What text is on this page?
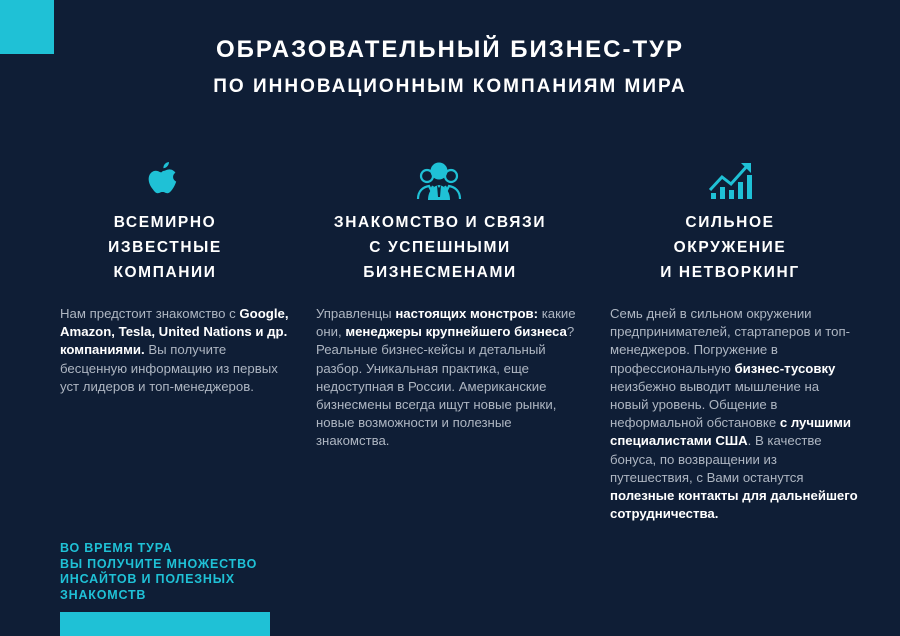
ОБРАЗОВАТЕЛЬНЫЙ БИЗНЕС-ТУР
ПО ИННОВАЦИОННЫМ КОМПАНИЯМ МИРА
ВСЕМИРНО
ИЗВЕСТНЫЕ
КОМПАНИИ
Нам предстоит знакомство с Google, Amazon, Tesla, United Nations и др. компаниями. Вы получите бесценную информацию из первых уст лидеров и топ-менеджеров.
ЗНАКОМСТВО И СВЯЗИ
С УСПЕШНЫМИ
БИЗНЕСМЕНАМИ
Управленцы настоящих монстров: какие они, менеджеры крупнейшего бизнеса? Реальные бизнес-кейсы и детальный разбор. Уникальная практика, еще недоступная в России. Американские бизнесмены всегда ищут новые рынки, новые возможности и полезные знакомства.
СИЛЬНОЕ
ОКРУЖЕНИЕ
И НЕТВОРКИНГ
Семь дней в сильном окружении предпринимателей, стартаперов и топ-менеджеров. Погружение в профессиональную бизнес-тусовку неизбежно выводит мышление на новый уровень. Общение в неформальной обстановке с лучшими специалистами США. В качестве бонуса, по возвращении из путешествия, с Вами останутся полезные контакты для дальнейшего сотрудничества.
ВО ВРЕМЯ ТУРА
ВЫ ПОЛУЧИТЕ МНОЖЕСТВО
ИНСАЙТОВ И ПОЛЕЗНЫХ
ЗНАКОМСТВ
